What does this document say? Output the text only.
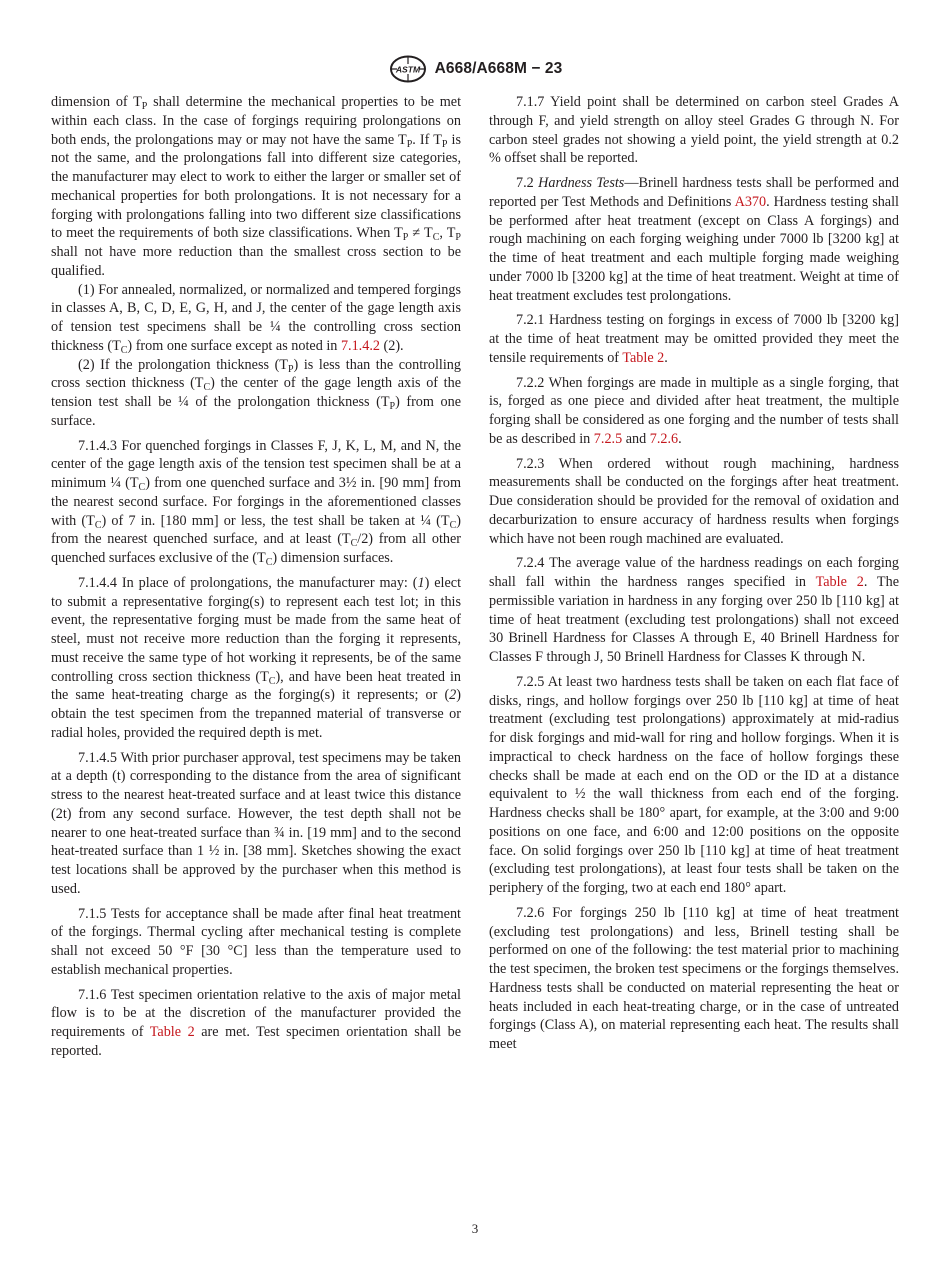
ASTM A668/A668M − 23

dimension of $T_P$ shall determine the mechanical properties to be met within each class. In the case of forgings requiring prolongations on both ends, the prolongations may or may not have the same $T_P$. If $T_P$ is not the same, and the prolongations fall into different size categories, the manufacturer may elect to work to either the larger or smaller set of mechanical properties for both prolongations. It is not necessary for a forging with prolongations falling into two different size classifications to meet the requirements of both size classifications. When $T_P \ne T_C$, $T_P$ shall not have more reduction than the smallest cross section to be qualified.

(1) For annealed, normalized, or normalized and tempered forgings in classes A, B, C, D, E, G, H, and J, the center of the gage length axis of tension test specimens shall be ¼ the controlling cross section thickness $(T_C)$ from one surface except as noted in 7.1.4.2 (2).

(2) If the prolongation thickness $(T_P)$ is less than the controlling cross section thickness $(T_C)$ the center of the gage length axis of the tension test shall be ¼ of the prolongation thickness $(T_P)$ from one surface.

7.1.4.3 For quenched forgings in Classes F, J, K, L, M, and N, the center of the gage length axis of the tension test specimen shall be at a minimum ¼ $(T_C)$ from one quenched surface and 3½ in. [90 mm] from the nearest second surface. For forgings in the aforementioned classes with $(T_C)$ of 7 in. [180 mm] or less, the test shall be taken at ¼ $(T_C)$ from the nearest quenched surface, and at least $(T_C/2)$ from all other quenched surfaces exclusive of the $(T_C)$ dimension surfaces.

7.1.4.4 In place of prolongations, the manufacturer may: (1) elect to submit a representative forging(s) to represent each test lot; in this event, the representative forging must be made from the same heat of steel, must not receive more reduction than the forging it represents, must receive the same type of hot working it represents, be of the same controlling cross section thickness $(T_C)$, and have been heat treated in the same heat-treating charge as the forging(s) it represents; or (2) obtain the test specimen from the trepanned material of transverse or radial holes, provided the required depth is met.

7.1.4.5 With prior purchaser approval, test specimens may be taken at a depth (t) corresponding to the distance from the area of significant stress to the nearest heat-treated surface and at least twice this distance (2t) from any second surface. However, the test depth shall not be nearer to one heat-treated surface than ¾ in. [19 mm] and to the second heat-treated surface than 1 ½ in. [38 mm]. Sketches showing the exact test locations shall be approved by the purchaser when this method is used.

7.1.5 Tests for acceptance shall be made after final heat treatment of the forgings. Thermal cycling after mechanical testing is complete shall not exceed 50 °F [30 °C] less than the temperature used to establish mechanical properties.

7.1.6 Test specimen orientation relative to the axis of major metal flow is to be at the discretion of the manufacturer provided the requirements of Table 2 are met. Test specimen orientation shall be reported.

7.1.7 Yield point shall be determined on carbon steel Grades A through F, and yield strength on alloy steel Grades G through N. For carbon steel grades not showing a yield point, the yield strength at 0.2 % offset shall be reported.

7.2 Hardness Tests—Brinell hardness tests shall be performed and reported per Test Methods and Definitions A370. Hardness testing shall be performed after heat treatment (except on Class A forgings) and rough machining on each forging weighing under 7000 lb [3200 kg] at the time of heat treatment and each multiple forging made weighing under 7000 lb [3200 kg] at the time of heat treatment. Weight at time of heat treatment excludes test prolongations.

7.2.1 Hardness testing on forgings in excess of 7000 lb [3200 kg] at the time of heat treatment may be omitted provided they meet the tensile requirements of Table 2.

7.2.2 When forgings are made in multiple as a single forging, that is, forged as one piece and divided after heat treatment, the multiple forging shall be considered as one forging and the number of tests shall be as described in 7.2.5 and 7.2.6.

7.2.3 When ordered without rough machining, hardness measurements shall be conducted on the forgings after heat treatment. Due consideration should be provided for the removal of oxidation and decarburization to ensure accuracy of hardness results when forgings which have not been rough machined are evaluated.

7.2.4 The average value of the hardness readings on each forging shall fall within the hardness ranges specified in Table 2. The permissible variation in hardness in any forging over 250 lb [110 kg] at time of heat treatment (excluding test prolongations) shall not exceed 30 Brinell Hardness for Classes A through E, 40 Brinell Hardness for Classes F through J, 50 Brinell Hardness for Classes K through N.

7.2.5 At least two hardness tests shall be taken on each flat face of disks, rings, and hollow forgings over 250 lb [110 kg] at time of heat treatment (excluding test prolongations) approximately at mid-radius for disk forgings and mid-wall for ring and hollow forgings. When it is impractical to check hardness on the face of hollow forgings these checks shall be made at each end on the OD or the ID at a distance equivalent to ½ the wall thickness from each end of the forging. Hardness checks shall be 180° apart, for example, at the 3:00 and 9:00 positions on one face, and 6:00 and 12:00 positions on the opposite face. On solid forgings over 250 lb [110 kg] at time of heat treatment (excluding test prolongations), at least four tests shall be taken on the periphery of the forging, two at each end 180° apart.

7.2.6 For forgings 250 lb [110 kg] at time of heat treatment (excluding test prolongations) and less, Brinell testing shall be performed on one of the following: the test material prior to machining the test specimen, the broken test specimens or the forgings themselves. Hardness tests shall be conducted on material representing the heat or heats included in each heat-treating charge, or in the case of untreated forgings (Class A), on material representing each heat. The results shall meet

3
